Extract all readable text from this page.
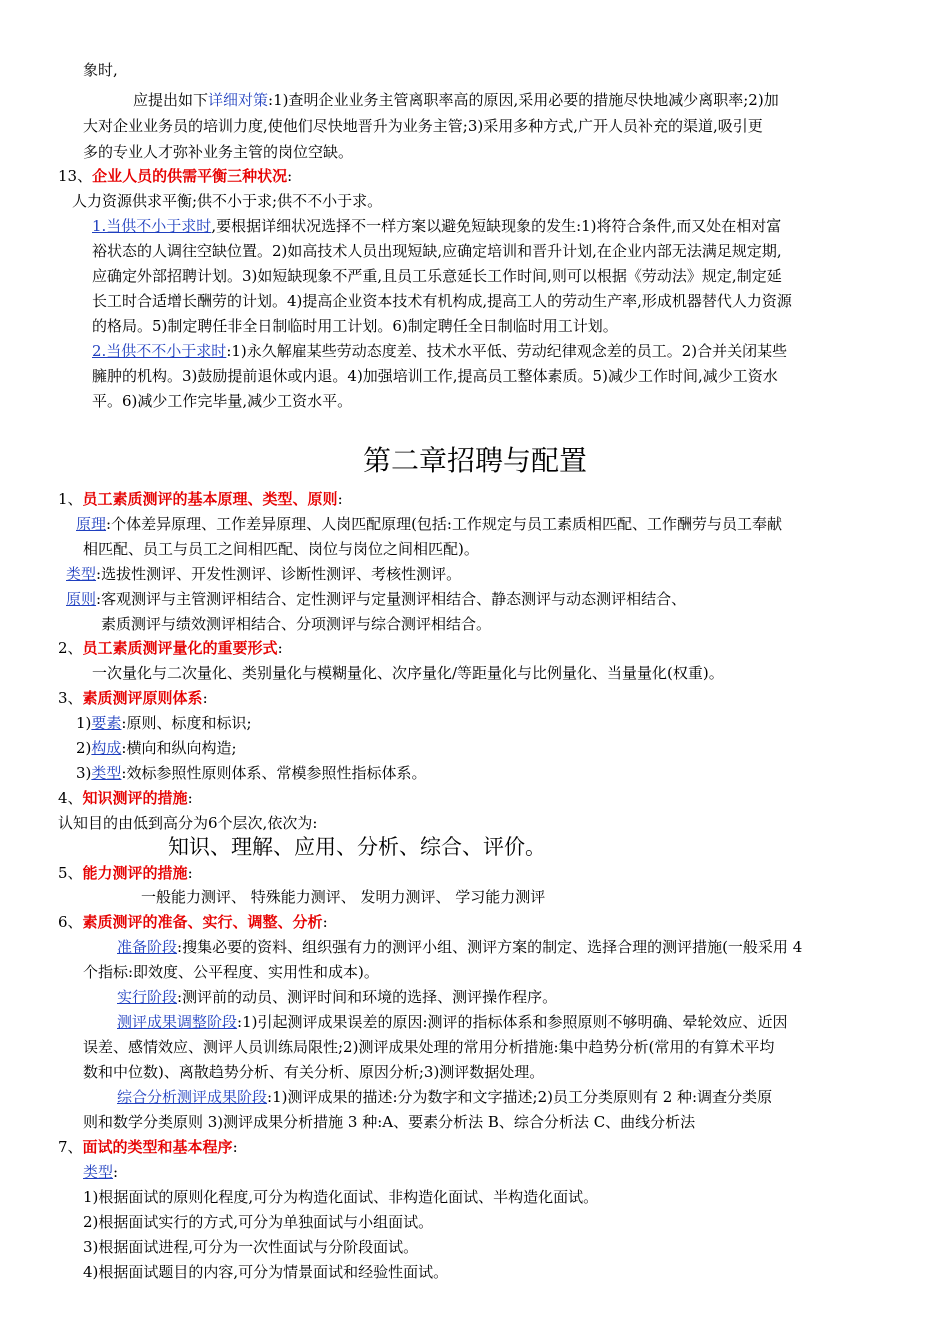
象时,
应提出如下详细对策:1)查明企业业务主管离职率高的原因,采用必要的措施尽快地减少离职率;2)加
大对企业业务员的培训力度,使他们尽快地晋升为业务主管;3)采用多种方式,广开人员补充的渠道,吸引更
多的专业人才弥补业务主管的岗位空缺。
13、企业人员的供需平衡三种状况:
人力资源供求平衡;供不小于求;供不不小于求。
1.当供不小于求时,要根据详细状况选择不一样方案以避免短缺现象的发生:1)将符合条件,而又处在相对富
裕状态的人调往空缺位置。2)如高技术人员出现短缺,应确定培训和晋升计划,在企业内部无法满足规定期,
应确定外部招聘计划。3)如短缺现象不严重,且员工乐意延长工作时间,则可以根据《劳动法》规定,制定延
长工时合适增长酬劳的计划。4)提高企业资本技术有机构成,提高工人的劳动生产率,形成机器替代人力资源
的格局。5)制定聘任非全日制临时用工计划。6)制定聘任全日制临时用工计划。
2.当供不不小于求时:1)永久解雇某些劳动态度差、技术水平低、劳动纪律观念差的员工。2)合并关闭某些
臃肿的机构。3)鼓励提前退休或内退。4)加强培训工作,提高员工整体素质。5)减少工作时间,减少工资水
平。6)减少工作完毕量,减少工资水平。
第二章招聘与配置
1、员工素质测评的基本原理、类型、原则:
原理:个体差异原理、工作差异原理、人岗匹配原理(包括:工作规定与员工素质相匹配、工作酬劳与员工奉献
相匹配、员工与员工之间相匹配、岗位与岗位之间相匹配)。
类型:选拔性测评、开发性测评、诊断性测评、考核性测评。
原则:客观测评与主管测评相结合、定性测评与定量测评相结合、静态测评与动态测评相结合、
素质测评与绩效测评相结合、分项测评与综合测评相结合。
2、员工素质测评量化的重要形式:
一次量化与二次量化、类别量化与模糊量化、次序量化/等距量化与比例量化、当量量化(权重)。
3、素质测评原则体系:
1)要素:原则、标度和标识;
2)构成:横向和纵向构造;
3)类型:效标参照性原则体系、常模参照性指标体系。
4、知识测评的措施:
认知目的由低到高分为6个层次,依次为:
知识、理解、应用、分析、综合、评价。
5、能力测评的措施:
一般能力测评、 特殊能力测评、 发明力测评、 学习能力测评
6、素质测评的准备、实行、调整、分析:
准备阶段:搜集必要的资料、组织强有力的测评小组、测评方案的制定、选择合理的测评措施(一般采用 4
个指标:即效度、公平程度、实用性和成本)。
实行阶段:测评前的动员、测评时间和环境的选择、测评操作程序。
测评成果调整阶段:1)引起测评成果误差的原因:测评的指标体系和参照原则不够明确、晕轮效应、近因
误差、感情效应、测评人员训练局限性;2)测评成果处理的常用分析措施:集中趋势分析(常用的有算术平均
数和中位数)、离散趋势分析、有关分析、原因分析;3)测评数据处理。
综合分析测评成果阶段:1)测评成果的描述:分为数字和文字描述;2)员工分类原则有 2 种:调查分类原
则和数学分类原则 3)测评成果分析措施 3 种:A、要素分析法 B、综合分析法 C、曲线分析法
7、面试的类型和基本程序:
类型:
1)根据面试的原则化程度,可分为构造化面试、非构造化面试、半构造化面试。
2)根据面试实行的方式,可分为单独面试与小组面试。
3)根据面试进程,可分为一次性面试与分阶段面试。
4)根据面试题目的内容,可分为情景面试和经验性面试。
